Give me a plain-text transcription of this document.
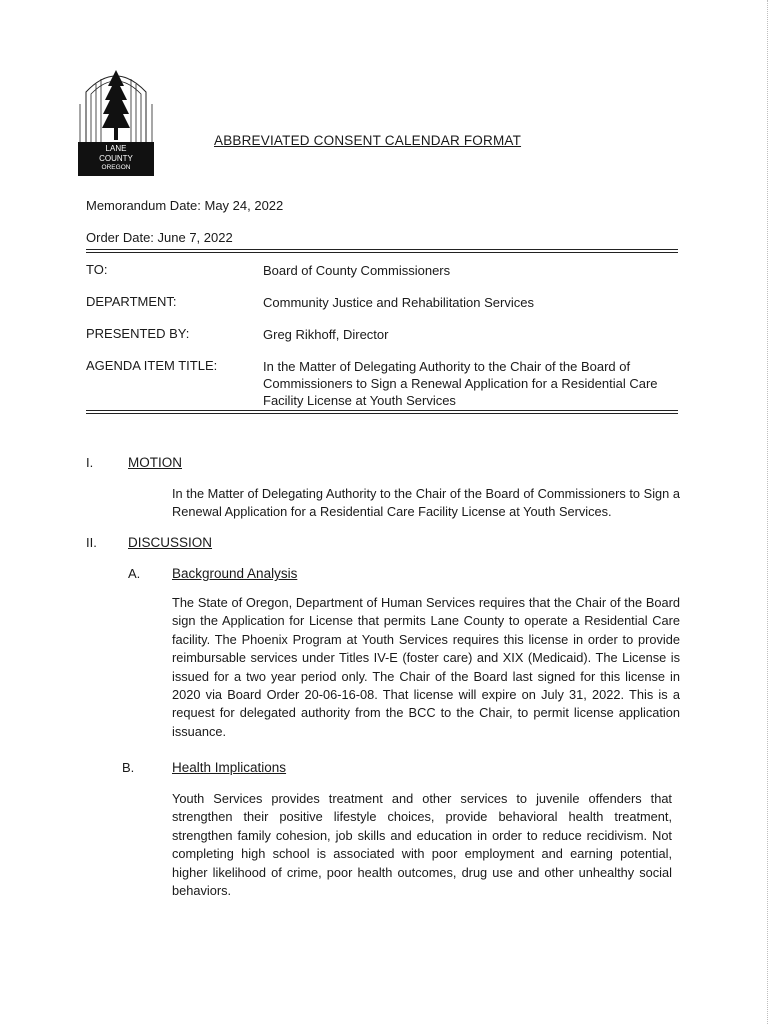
LANE
COUNTY
OREGON
ABBREVIATED CONSENT CALENDAR FORMAT
Memorandum Date: May 24, 2022
Order Date: June 7, 2022
TO:	Board of County Commissioners
DEPARTMENT:	Community Justice and Rehabilitation Services
PRESENTED BY:	Greg Rikhoff, Director
AGENDA ITEM TITLE:	In the Matter of Delegating Authority to the Chair of the Board of Commissioners to Sign a Renewal Application for a Residential Care Facility License at Youth Services
I.	MOTION
In the Matter of Delegating Authority to the Chair of the Board of Commissioners to Sign a Renewal Application for a Residential Care Facility License at Youth Services.
II. DISCUSSION
A. Background Analysis
The State of Oregon, Department of Human Services requires that the Chair of the Board sign the Application for License that permits Lane County to operate a Residential Care facility. The Phoenix Program at Youth Services requires this license in order to provide reimbursable services under Titles IV-E (foster care) and XIX (Medicaid). The License is issued for a two year period only. The Chair of the Board last signed for this license in 2020 via Board Order 20-06-16-08. That license will expire on July 31, 2022. This is a request for delegated authority from the BCC to the Chair, to permit license application issuance.
B.	Health Implications
Youth Services provides treatment and other services to juvenile offenders that strengthen their positive lifestyle choices, provide behavioral health treatment, strengthen family cohesion, job skills and education in order to reduce recidivism. Not completing high school is associated with poor employment and earning potential, higher likelihood of crime, poor health outcomes, drug use and other unhealthy social behaviors.
